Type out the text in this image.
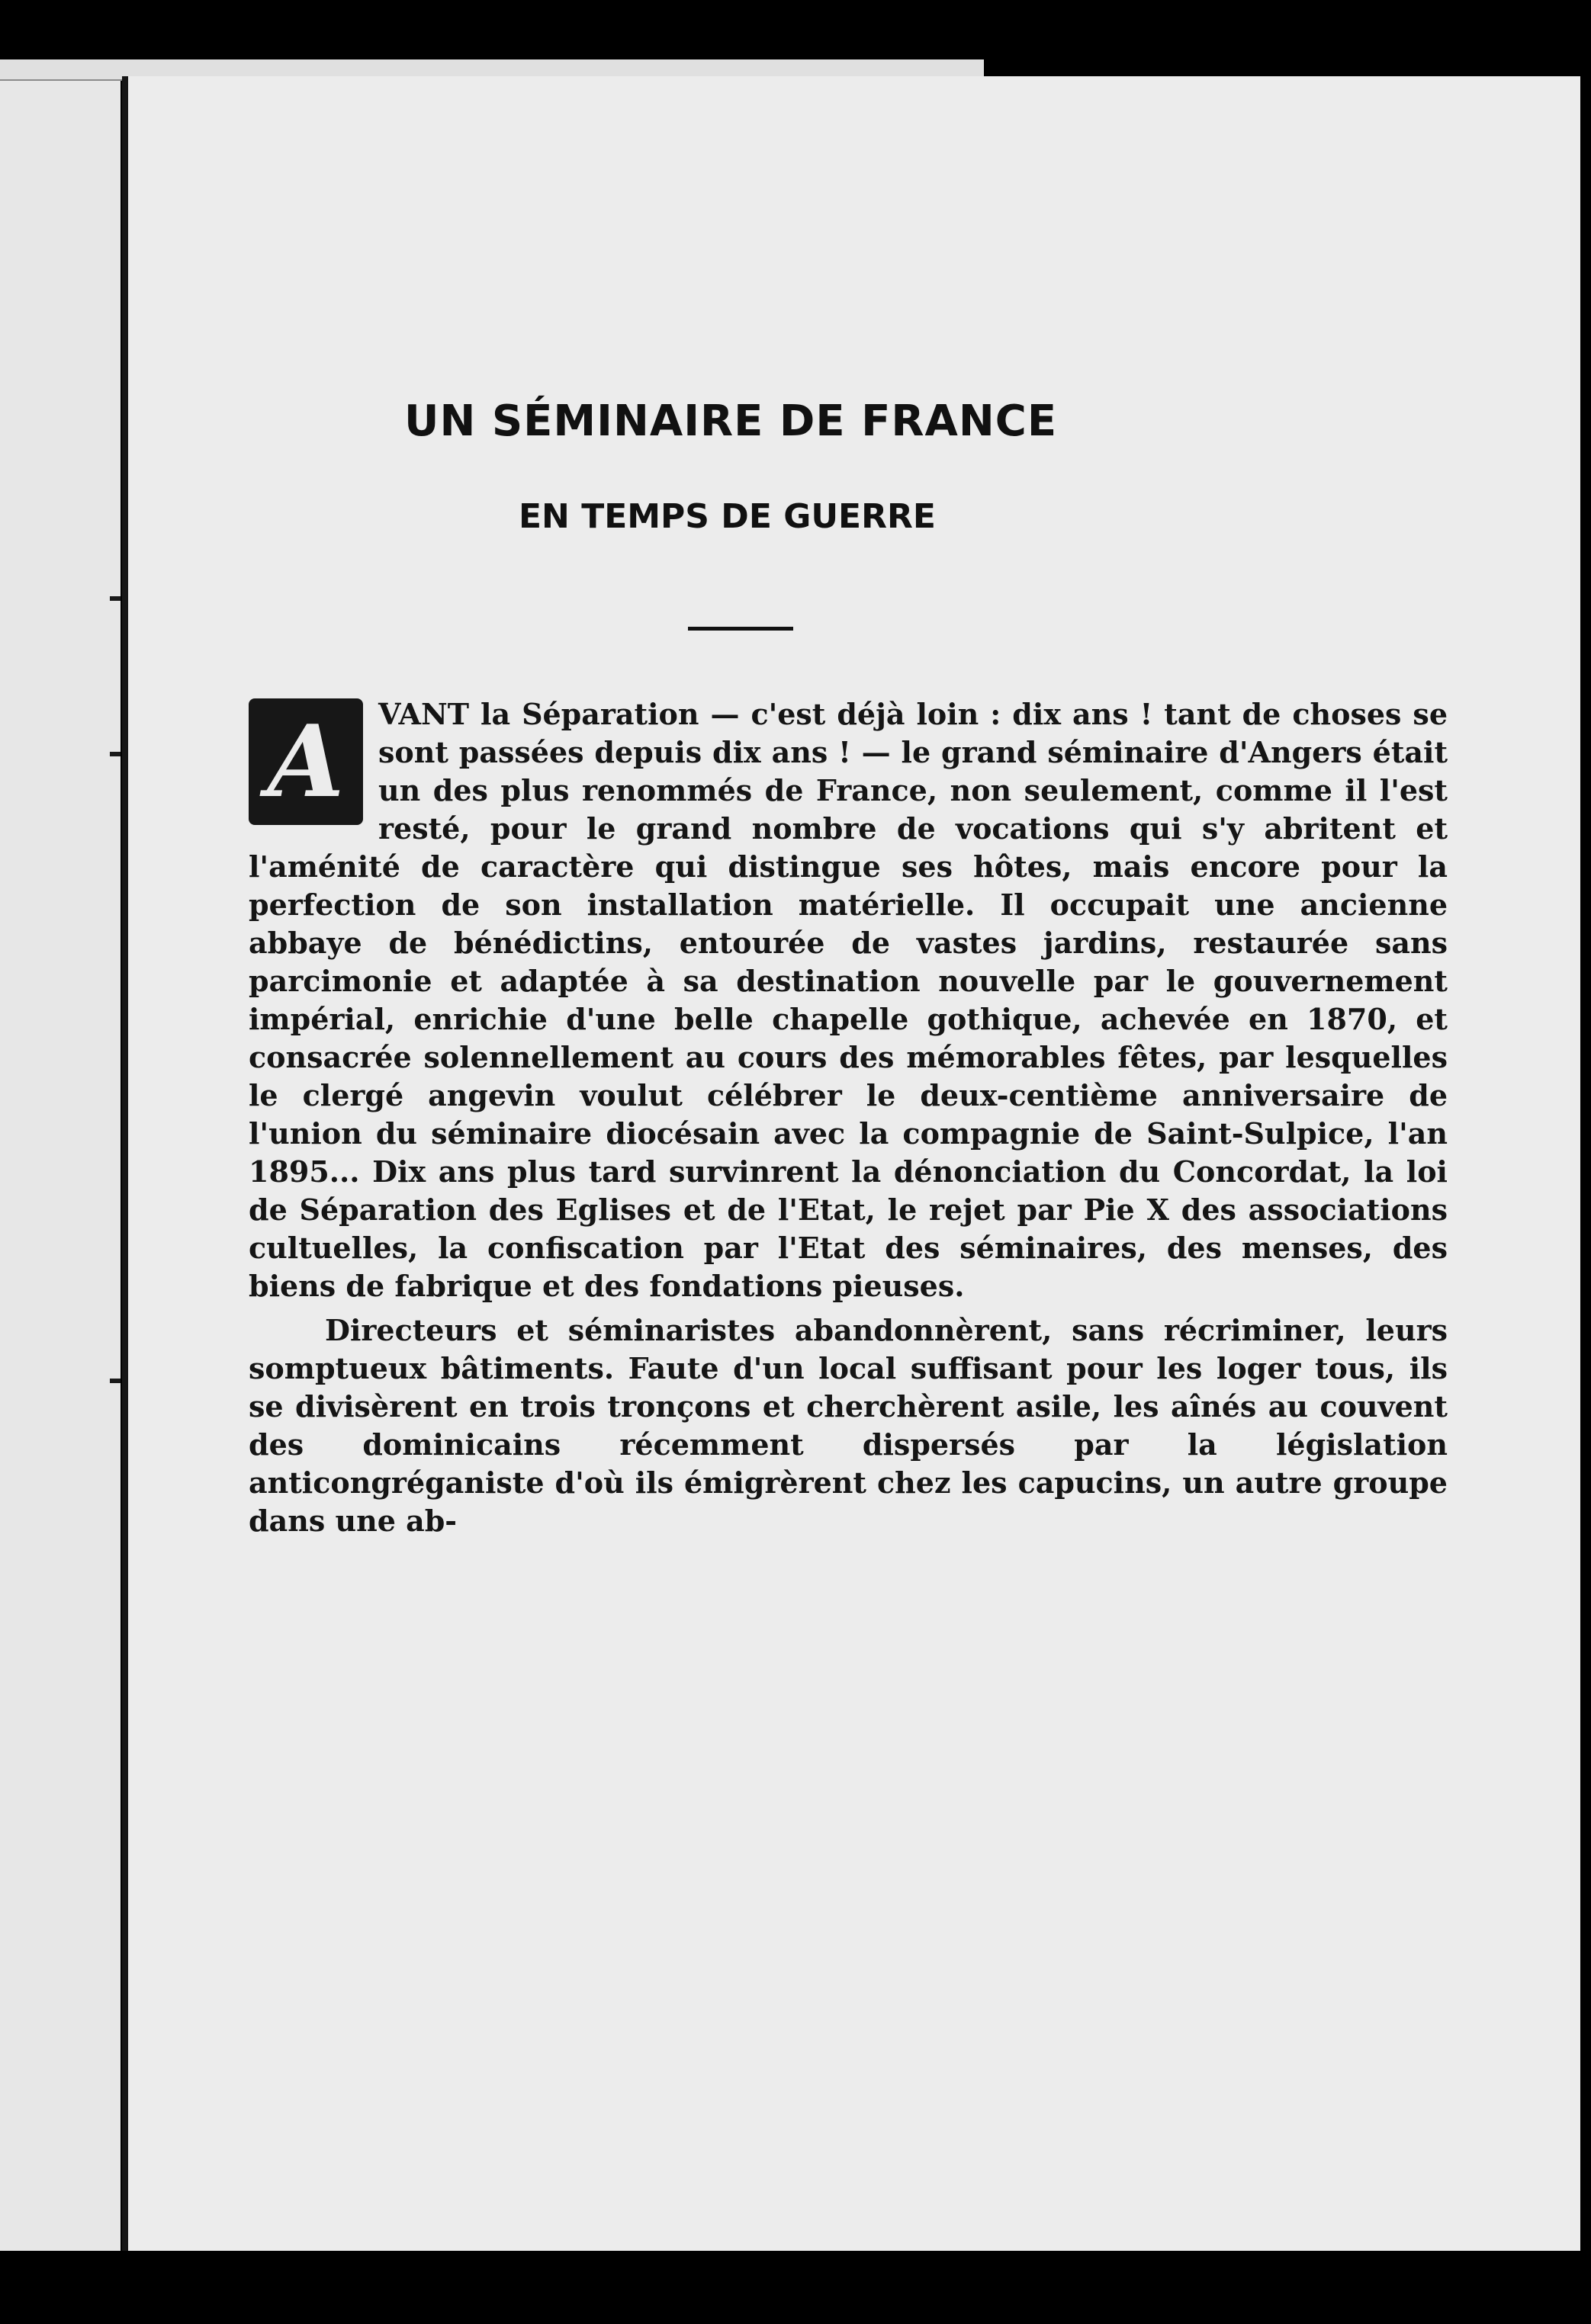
UN SÉMINAIRE DE FRANCE
EN TEMPS DE GUERRE

A	VANT la Séparation — c'est déjà loin : dix ans ! tant de choses se sont passées depuis dix ans ! — le grand séminaire d'Angers était un des plus renommés de France, non seulement, comme il l'est resté, pour le grand nombre de vocations qui s'y abritent et l'aménité de caractère qui distingue ses hôtes, mais encore pour la perfection de son installation matérielle. Il occupait une ancienne abbaye de bénédictins, entourée de vastes jardins, restaurée sans parcimonie et adaptée à sa destination nouvelle par le gouvernement impérial, enrichie d'une belle chapelle gothique, achevée en 1870, et consacrée solennellement au cours des mémorables fêtes, par lesquelles le clergé angevin voulut célébrer le deux-centième anniversaire de l'union du séminaire diocésain avec la compagnie de Saint-Sulpice, l'an 1895... Dix ans plus tard survinrent la dénonciation du Concordat, la loi de Séparation des Eglises et de l'Etat, le rejet par Pie X des associations cultuelles, la confiscation par l'Etat des séminaires, des menses, des biens de fabrique et des fondations pieuses.

Directeurs et séminaristes abandonnèrent, sans récriminer, leurs somptueux bâtiments. Faute d'un local suffisant pour les loger tous, ils se divisèrent en trois tronçons et cherchèrent asile, les aînés au couvent des dominicains récemment dispersés par la législation anticongréganiste d'où ils émigrèrent chez les capucins, un autre groupe dans une ab-
